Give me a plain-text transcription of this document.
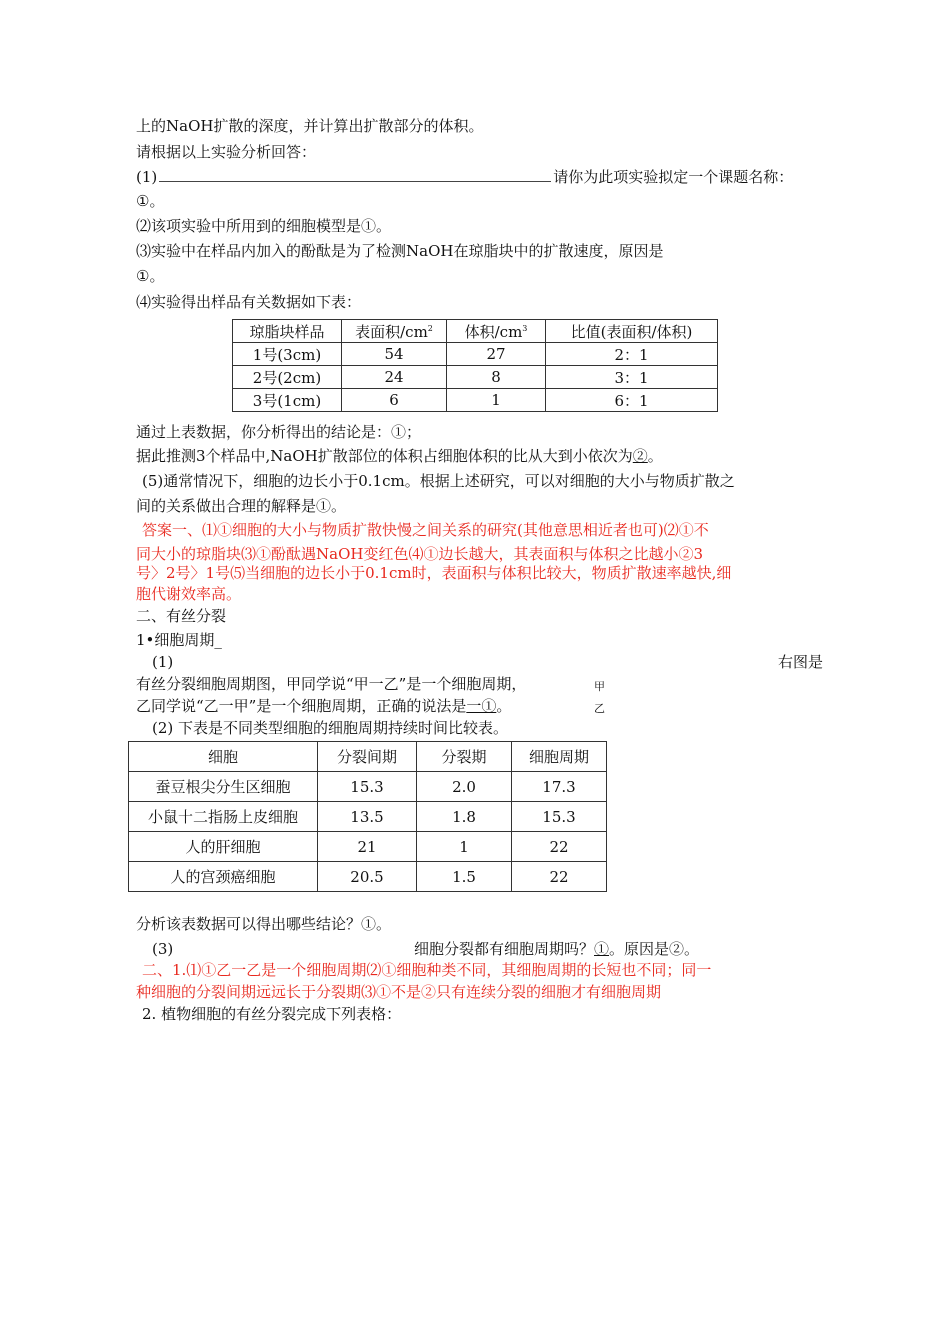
上的NaOH扩散的深度，并计算出扩散部分的体积。
请根据以上实验分析回答：
(1)	请你为此项实验拟定一个课题名称：
①。
⑵该项实验中所用到的细胞模型是①。
⑶实验中在样品内加入的酚酞是为了检测NaOH在琼脂块中的扩散速度，原因是
①。
⑷实验得出样品有关数据如下表：
琼脂块样品	表面积$/cm^2$	体积$/cm^3$	比值(表面积/体积)
1号(3cm)	54	27	2：1
2号(2cm)	24	8	3：1
3号(1cm)	6	1	6：1
通过上表数据，你分析得出的结论是：①；
据此推测3个样品中,NaOH扩散部位的体积占细胞体积的比从大到小依次为②。
(5)通常情况下，细胞的边长小于0.1cm。根据上述研究，可以对细胞的大小与物质扩散之
间的关系做出合理的解释是①。
答案一、⑴①细胞的大小与物质扩散快慢之间关系的研究(其他意思相近者也可)⑵①不
同大小的琼脂块⑶①酚酞遇NaOH变红色⑷①边长越大，其表面积与体积之比越小②3
号〉2号〉1号⑸当细胞的边长小于0.1cm时，表面积与体积比较大，物质扩散速率越快,细
胞代谢效率高。
二、有丝分裂
1•细胞周期_
(1)	右图是
有丝分裂细胞周期图，甲同学说“甲一乙”是一个细胞周期，	甲
乙同学说“乙一甲”是一个细胞周期，正确的说法是一①。	乙
(2) 下表是不同类型细胞的细胞周期持续时间比较表。
细胞	分裂间期	分裂期	细胞周期
蚕豆根尖分生区细胞	15.3	2.0	17.3
小鼠十二指肠上皮细胞	13.5	1.8	15.3
人的肝细胞	21	1	22
人的宫颈癌细胞	20.5	1.5	22
分析该表数据可以得出哪些结论？①。
(3)	细胞分裂都有细胞周期吗？①。原因是②。
二、1.⑴①乙一乙是一个细胞周期⑵①细胞种类不同，其细胞周期的长短也不同；同一
种细胞的分裂间期远远长于分裂期⑶①不是②只有连续分裂的细胞才有细胞周期
2. 植物细胞的有丝分裂完成下列表格：
